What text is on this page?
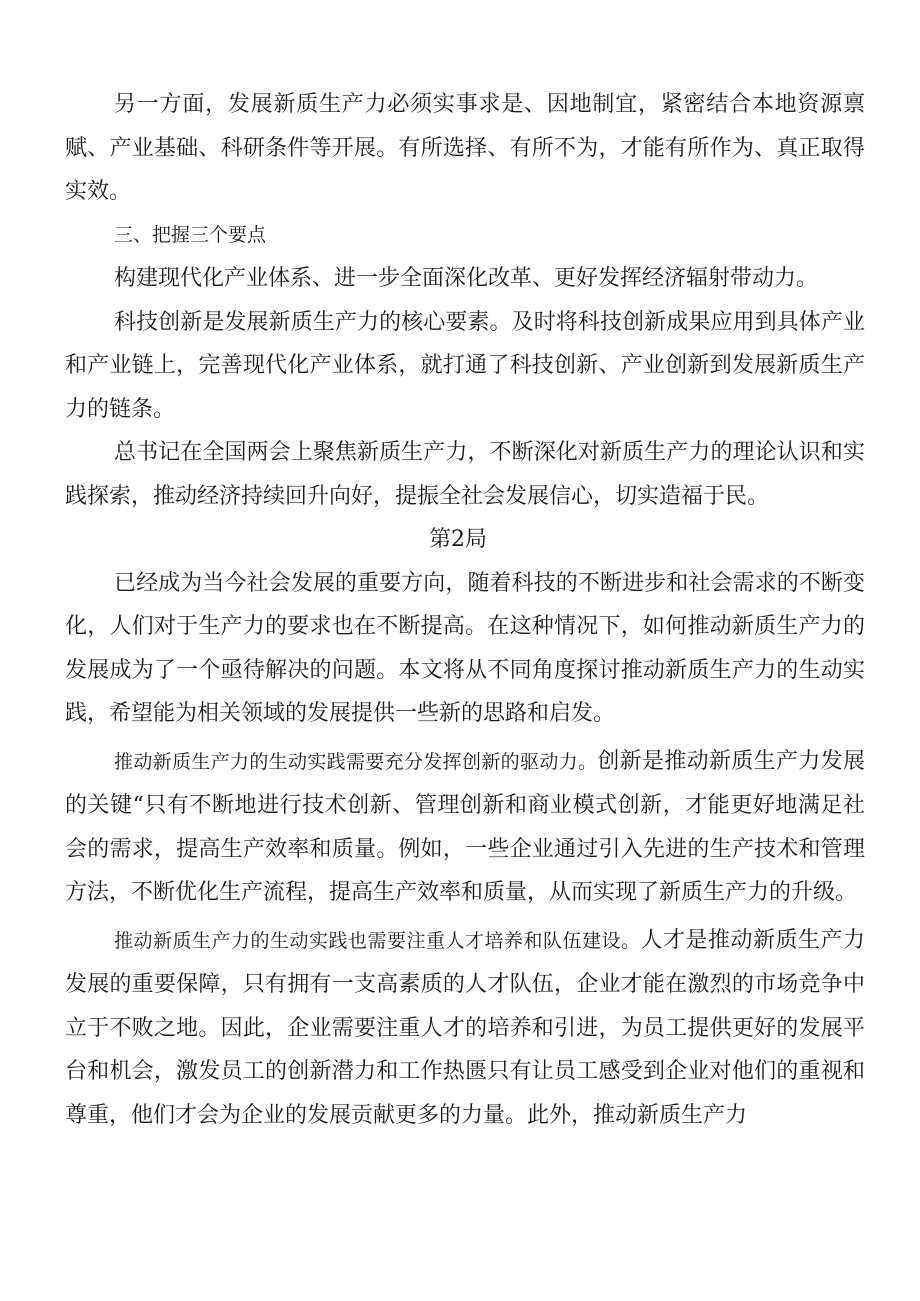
另一方面，发展新质生产力必须实事求是、因地制宜，紧密结合本地资源禀赋、产业基础、科研条件等开展。有所选择、有所不为，才能有所作为、真正取得实效。

三、把握三个要点

构建现代化产业体系、进一步全面深化改革、更好发挥经济辐射带动力。

科技创新是发展新质生产力的核心要素。及时将科技创新成果应用到具体产业和产业链上，完善现代化产业体系，就打通了科技创新、产业创新到发展新质生产力的链条。

总书记在全国两会上聚焦新质生产力，不断深化对新质生产力的理论认识和实践探索，推动经济持续回升向好，提振全社会发展信心，切实造福于民。

第2局

已经成为当今社会发展的重要方向，随着科技的不断进步和社会需求的不断变化，人们对于生产力的要求也在不断提高。在这种情况下，如何推动新质生产力的发展成为了一个亟待解决的问题。本文将从不同角度探讨推动新质生产力的生动实践，希望能为相关领域的发展提供一些新的思路和启发。

推动新质生产力的生动实践需要充分发挥创新的驱动力。创新是推动新质生产力发展的关键“只有不断地进行技术创新、管理创新和商业模式创新，才能更好地满足社会的需求，提高生产效率和质量。例如，一些企业通过引入先进的生产技术和管理方法，不断优化生产流程，提高生产效率和质量，从而实现了新质生产力的升级。

推动新质生产力的生动实践也需要注重人才培养和队伍建设。人才是推动新质生产力发展的重要保障，只有拥有一支高素质的人才队伍，企业才能在激烈的市场竞争中立于不败之地。因此，企业需要注重人才的培养和引进，为员工提供更好的发展平台和机会，激发员工的创新潜力和工作热匮只有让员工感受到企业对他们的重视和尊重，他们才会为企业的发展贡献更多的力量。此外，推动新质生产力
